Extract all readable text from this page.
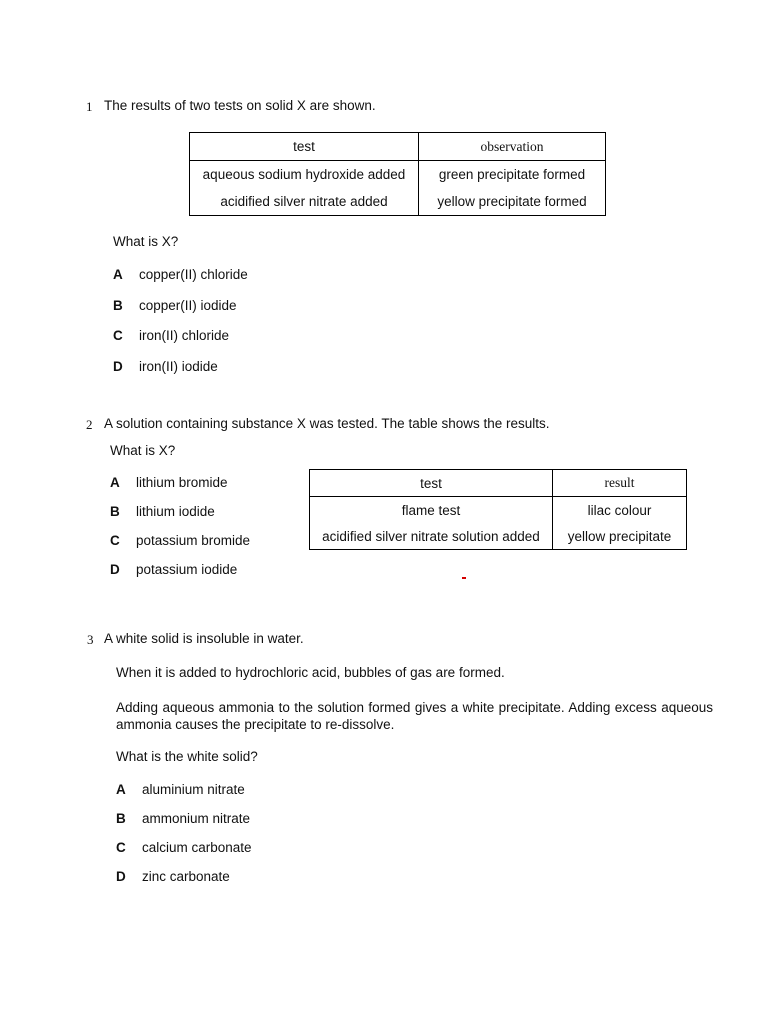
1 The results of two tests on solid X are shown.
test	observation
aqueous sodium hydroxide added	green precipitate formed
acidified silver nitrate added	yellow precipitate formed
What is X?
A copper(II) chloride
B copper(II) iodide
C iron(II) chloride
D iron(II) iodide
2 A solution containing substance X was tested. The table shows the results.
What is X?
A lithium bromide
B lithium iodide
C potassium bromide
D potassium iodide
test	result
flame test	lilac colour
acidified silver nitrate solution added	yellow precipitate
3 A white solid is insoluble in water.
When it is added to hydrochloric acid, bubbles of gas are formed.
Adding aqueous ammonia to the solution formed gives a white precipitate. Adding excess aqueous ammonia causes the precipitate to re-dissolve.
What is the white solid?
A aluminium nitrate
B ammonium nitrate
C calcium carbonate
D zinc carbonate
